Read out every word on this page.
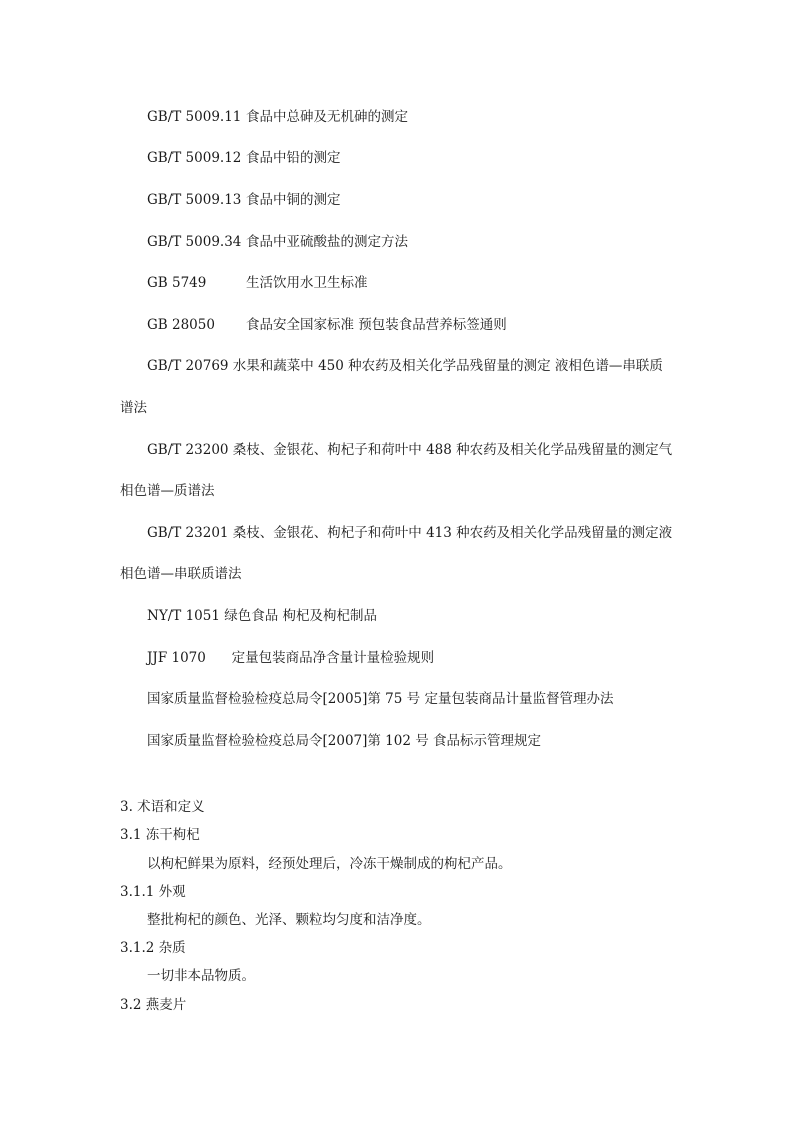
GB/T 5009.11 食品中总砷及无机砷的测定
GB/T 5009.12 食品中铅的测定
GB/T 5009.13 食品中铜的测定
GB/T 5009.34 食品中亚硫酸盐的测定方法
GB 5749	生活饮用水卫生标准
GB 28050 食品安全国家标准 预包装食品营养标签通则
GB/T 20769 水果和蔬菜中 450 种农药及相关化学品残留量的测定 液相色谱—串联质
谱法
GB/T 23200 桑枝、金银花、枸杞子和荷叶中 488 种农药及相关化学品残留量的测定气
相色谱—质谱法
GB/T 23201 桑枝、金银花、枸杞子和荷叶中 413 种农药及相关化学品残留量的测定液
相色谱—串联质谱法
NY/T 1051 绿色食品 枸杞及枸杞制品
JJF 1070      定量包装商品净含量计量检验规则
国家质量监督检验检疫总局令[2005]第 75 号 定量包装商品计量监督管理办法
国家质量监督检验检疫总局令[2007]第 102 号 食品标示管理规定
3. 术语和定义
3.1 冻干枸杞
以枸杞鲜果为原料，经预处理后，冷冻干燥制成的枸杞产品。
3.1.1 外观
整批枸杞的颜色、光泽、颗粒均匀度和洁净度。
3.1.2 杂质
一切非本品物质。
3.2 燕麦片
